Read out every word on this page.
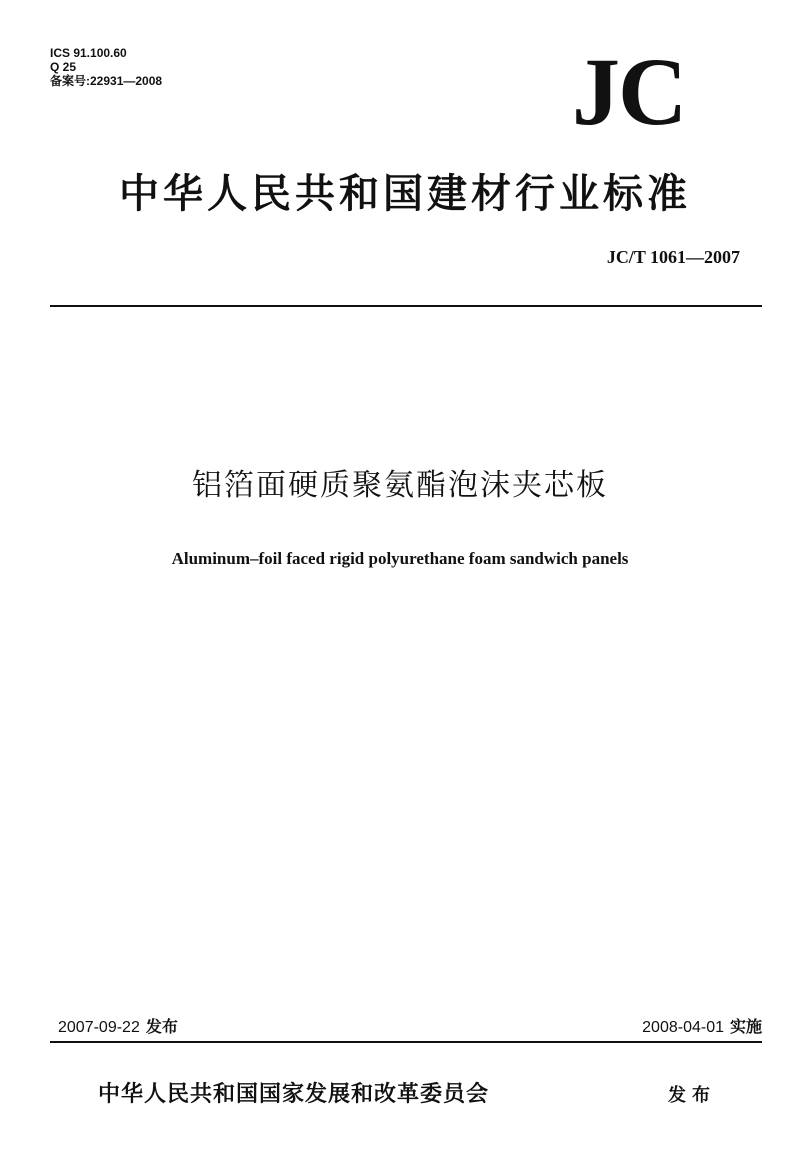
ICS 91.100.60
Q 25
备案号:22931—2008	JC
中华人民共和国建材行业标准
JC/T 1061—2007
铝箔面硬质聚氨酯泡沫夹芯板
Aluminum–foil faced rigid polyurethane foam sandwich panels
2007-09-22 发布	2008-04-01 实施
中华人民共和国国家发展和改革委员会	发布
